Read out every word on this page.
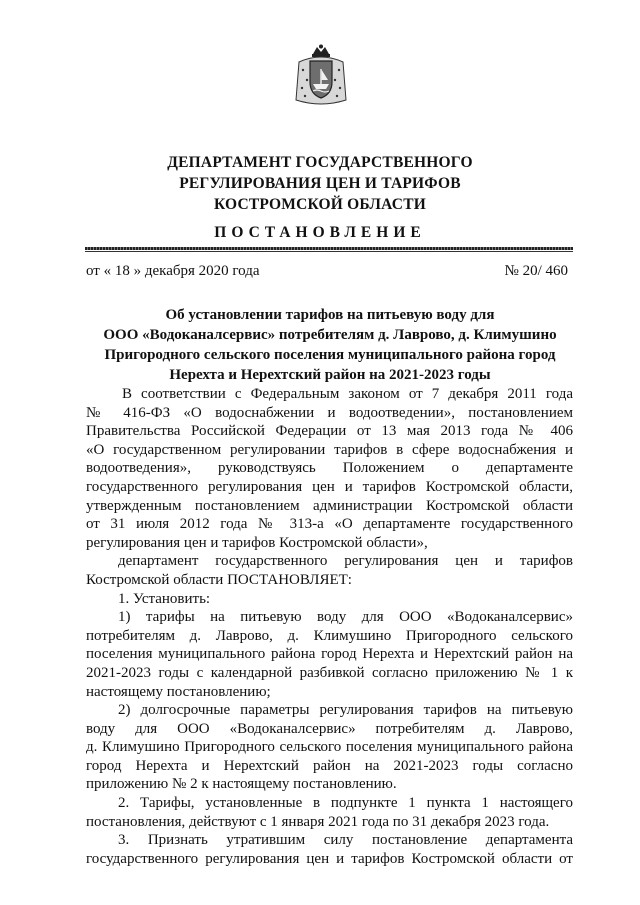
ДЕПАРТАМЕНТ ГОСУДАРСТВЕННОГО
РЕГУЛИРОВАНИЯ ЦЕН И ТАРИФОВ
КОСТРОМСКОЙ ОБЛАСТИ
ПОСТАНОВЛЕНИЕ
от « 18 » декабря 2020 года	№ 20/ 460
Об установлении тарифов на питьевую воду для
ООО «Водоканалсервис» потребителям д. Лаврово, д. Климушино
Пригородного сельского поселения муниципального района город
Нерехта и Нерехтский район на 2021-2023 годы
В соответствии с Федеральным законом от 7 декабря 2011 года
№ 416-ФЗ «О водоснабжении и водоотведении», постановлением
Правительства Российской Федерации от 13 мая 2013 года № 406
«О государственном регулировании тарифов в сфере водоснабжения и
водоотведения», руководствуясь Положением о департаменте
государственного регулирования цен и тарифов Костромской области,
утвержденным постановлением администрации Костромской области
от 31 июля 2012 года № 313-а «О департаменте государственного
регулирования цен и тарифов Костромской области»,
департамент государственного регулирования цен и тарифов
Костромской области ПОСТАНОВЛЯЕТ:
1. Установить:
1) тарифы на питьевую воду для ООО «Водоканалсервис»
потребителям д. Лаврово, д. Климушино Пригородного сельского
поселения муниципального района город Нерехта и Нерехтский район на
2021-2023 годы с календарной разбивкой согласно приложению № 1 к
настоящему постановлению;
2) долгосрочные параметры регулирования тарифов на питьевую
воду для ООО «Водоканалсервис» потребителям д. Лаврово,
д. Климушино Пригородного сельского поселения муниципального района
город Нерехта и Нерехтский район на 2021-2023 годы согласно
приложению № 2 к настоящему постановлению.
2. Тарифы, установленные в подпункте 1 пункта 1 настоящего
постановления, действуют с 1 января 2021 года по 31 декабря 2023 года.
3. Признать утратившим силу постановление департамента
государственного регулирования цен и тарифов Костромской области от
